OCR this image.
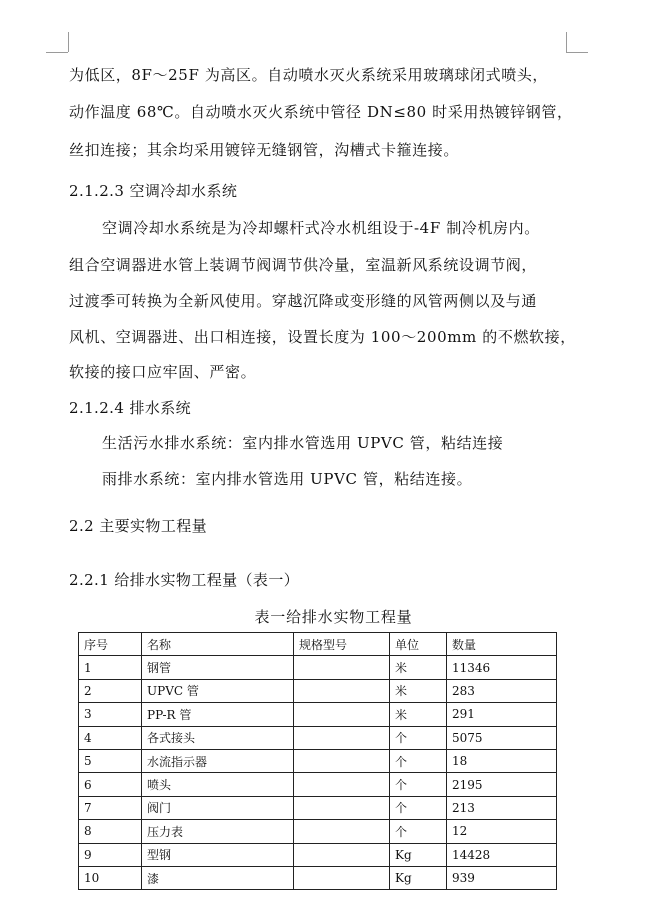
为低区，8F～25F 为高区。自动喷水灭火系统采用玻璃球闭式喷头，
动作温度 68℃。自动喷水灭火系统中管径 DN≤80 时采用热镀锌钢管，
丝扣连接；其余均采用镀锌无缝钢管，沟槽式卡箍连接。
2.1.2.3 空调冷却水系统
空调冷却水系统是为冷却螺杆式冷水机组设于-4F 制冷机房内。
组合空调器进水管上装调节阀调节供冷量，室温新风系统设调节阀，
过渡季可转换为全新风使用。穿越沉降或变形缝的风管两侧以及与通
风机、空调器进、出口相连接，设置长度为 100～200mm 的不燃软接，
软接的接口应牢固、严密。
2.1.2.4 排水系统
生活污水排水系统：室内排水管选用 UPVC 管，粘结连接
雨排水系统：室内排水管选用 UPVC 管，粘结连接。
2.2 主要实物工程量
2.2.1 给排水实物工程量（表一）
表一给排水实物工程量
序号	名称	规格型号	单位	数量
1	钢管		米	11346
2	UPVC 管		米	283
3	PP-R 管		米	291
4	各式接头		个	5075
5	水流指示器		个	18
6	喷头		个	2195
7	阀门		个	213
8	压力表		个	12
9	型钢		Kg	14428
10	漆		Kg	939
